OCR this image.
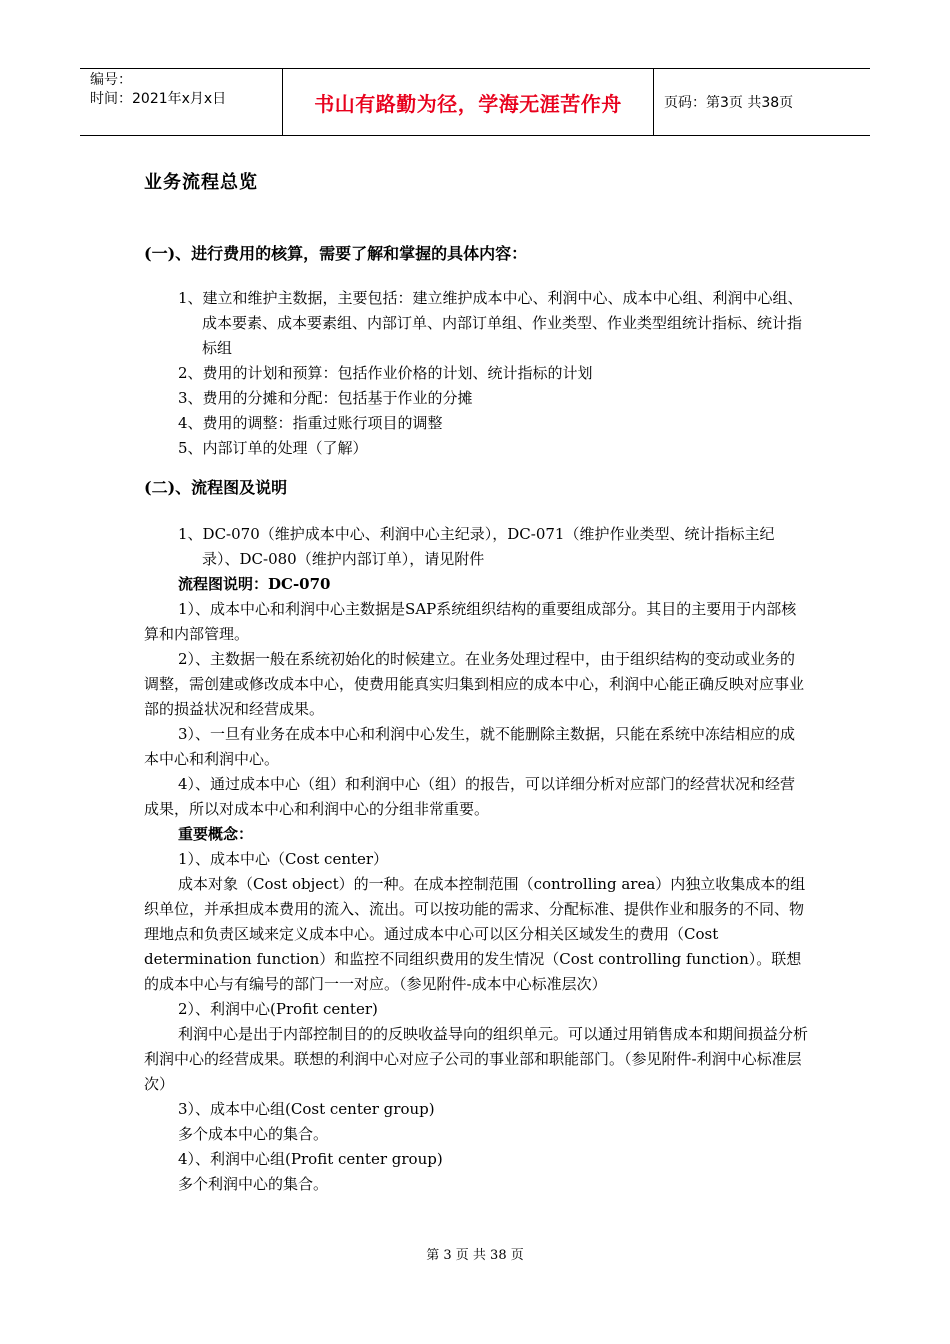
编号：
时间：2021年x月x日	书山有路勤为径，学海无涯苦作舟	页码：第3页 共38页

业务流程总览

(一)、进行费用的核算，需要了解和掌握的具体内容：

1、建立和维护主数据，主要包括：建立维护成本中心、利润中心、成本中心组、利润中心组、成本要素、成本要素组、内部订单、内部订单组、作业类型、作业类型组统计指标、统计指标组

2、费用的计划和预算：包括作业价格的计划、统计指标的计划

3、费用的分摊和分配：包括基于作业的分摊

4、费用的调整：指重过账行项目的调整

5、内部订单的处理（了解）

(二)、流程图及说明

1、DC-070（维护成本中心、利润中心主纪录），DC-071（维护作业类型、统计指标主纪录）、DC-080（维护内部订单），请见附件

流程图说明：DC-070

1）、成本中心和利润中心主数据是SAP系统组织结构的重要组成部分。其目的主要用于内部核算和内部管理。

2）、主数据一般在系统初始化的时候建立。在业务处理过程中，由于组织结构的变动或业务的调整，需创建或修改成本中心，使费用能真实归集到相应的成本中心，利润中心能正确反映对应事业部的损益状况和经营成果。

3）、一旦有业务在成本中心和利润中心发生，就不能删除主数据，只能在系统中冻结相应的成本中心和利润中心。

4）、通过成本中心（组）和利润中心（组）的报告，可以详细分析对应部门的经营状况和经营成果，所以对成本中心和利润中心的分组非常重要。

重要概念：

1）、成本中心（Cost center）

成本对象（Cost object）的一种。在成本控制范围（controlling area）内独立收集成本的组织单位，并承担成本费用的流入、流出。可以按功能的需求、分配标准、提供作业和服务的不同、物理地点和负责区域来定义成本中心。通过成本中心可以区分相关区域发生的费用（Cost determination function）和监控不同组织费用的发生情况（Cost controlling function）。联想的成本中心与有编号的部门一一对应。（参见附件-成本中心标准层次）

2）、利润中心(Profit center)

利润中心是出于内部控制目的的反映收益导向的组织单元。可以通过用销售成本和期间损益分析利润中心的经营成果。联想的利润中心对应子公司的事业部和职能部门。（参见附件-利润中心标准层次）

3）、成本中心组(Cost center group)

多个成本中心的集合。

4）、利润中心组(Profit center group)

多个利润中心的集合。

第 3 页 共 38 页
